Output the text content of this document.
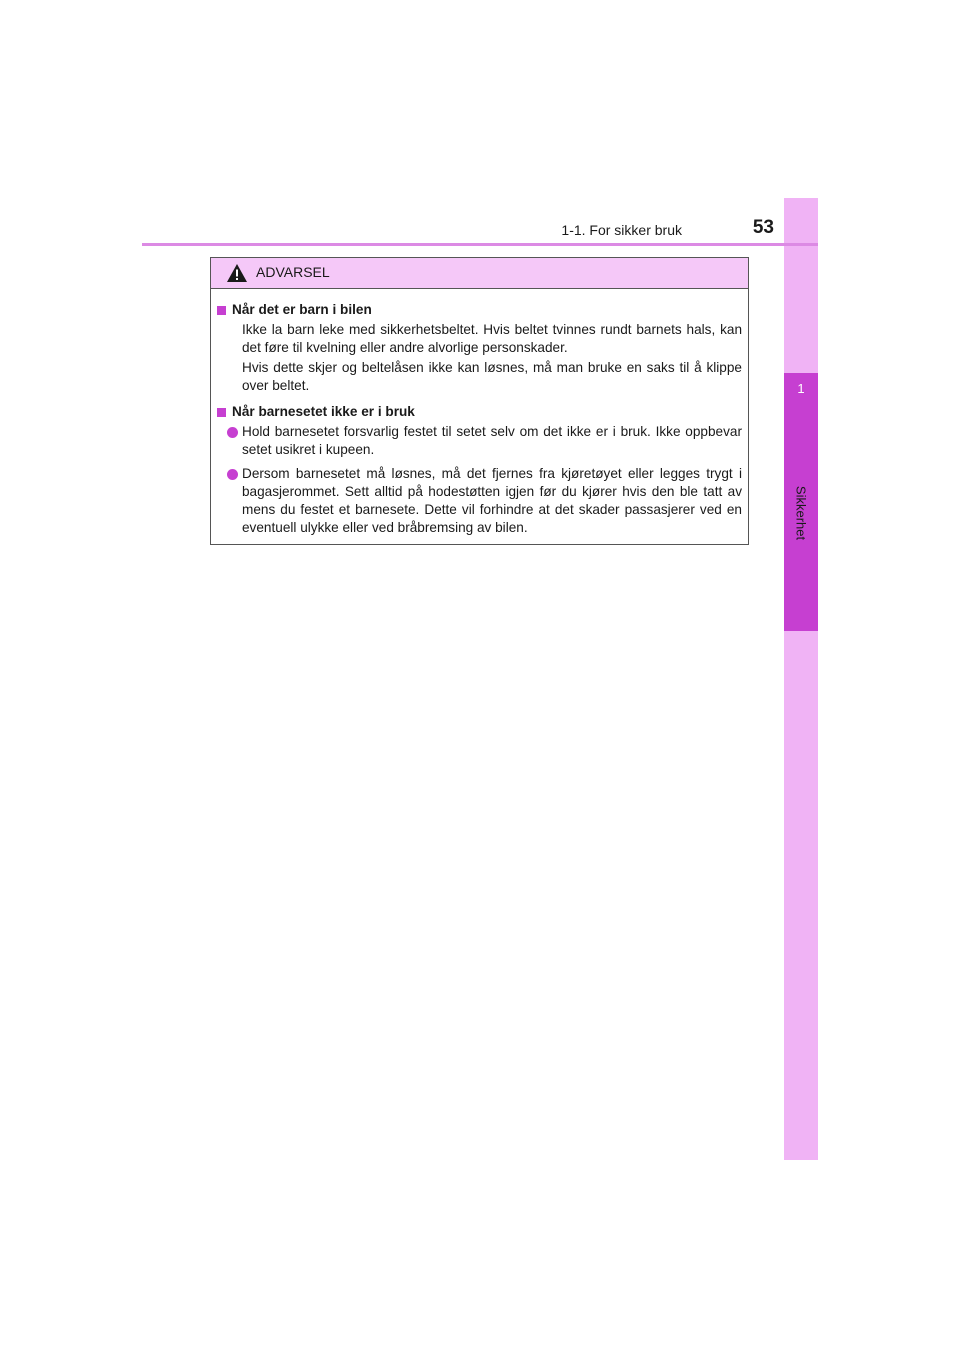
1
Sikkerhet
1-1. For sikker bruk	53
ADVARSEL
Når det er barn i bilen
Ikke la barn leke med sikkerhetsbeltet. Hvis beltet tvinnes rundt barnets hals, kan det føre til kvelning eller andre alvorlige personskader.
Hvis dette skjer og beltelåsen ikke kan løsnes, må man bruke en saks til å klippe over beltet.
Når barnesetet ikke er i bruk
Hold barnesetet forsvarlig festet til setet selv om det ikke er i bruk. Ikke oppbevar setet usikret i kupeen.
Dersom barnesetet må løsnes, må det fjernes fra kjøretøyet eller legges trygt i bagasjerommet. Sett alltid på hodestøtten igjen før du kjører hvis den ble tatt av mens du festet et barnesete. Dette vil forhindre at det skader passasjerer ved en eventuell ulykke eller ved bråbremsing av bilen.
